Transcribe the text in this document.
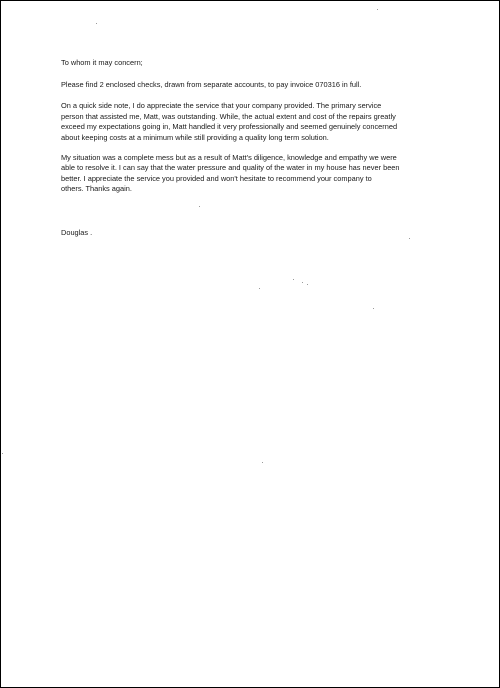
To whom it may concern;

Please find 2 enclosed checks, drawn from separate accounts, to pay invoice 070316 in full.

On a quick side note, I do appreciate the service that your company provided. The primary service
person that assisted me, Matt, was outstanding. While, the actual extent and cost of the repairs greatly
exceed my expectations going in, Matt handled it very professionally and seemed genuinely concerned
about keeping costs at a minimum while still providing a quality long term solution.

My situation was a complete mess but as a result of Matt's diligence, knowledge and empathy we were
able to resolve it. I can say that the water pressure and quality of the water in my house has never been
better. I appreciate the service you provided and won't hesitate to recommend your company to
others. Thanks again.

Douglas .
